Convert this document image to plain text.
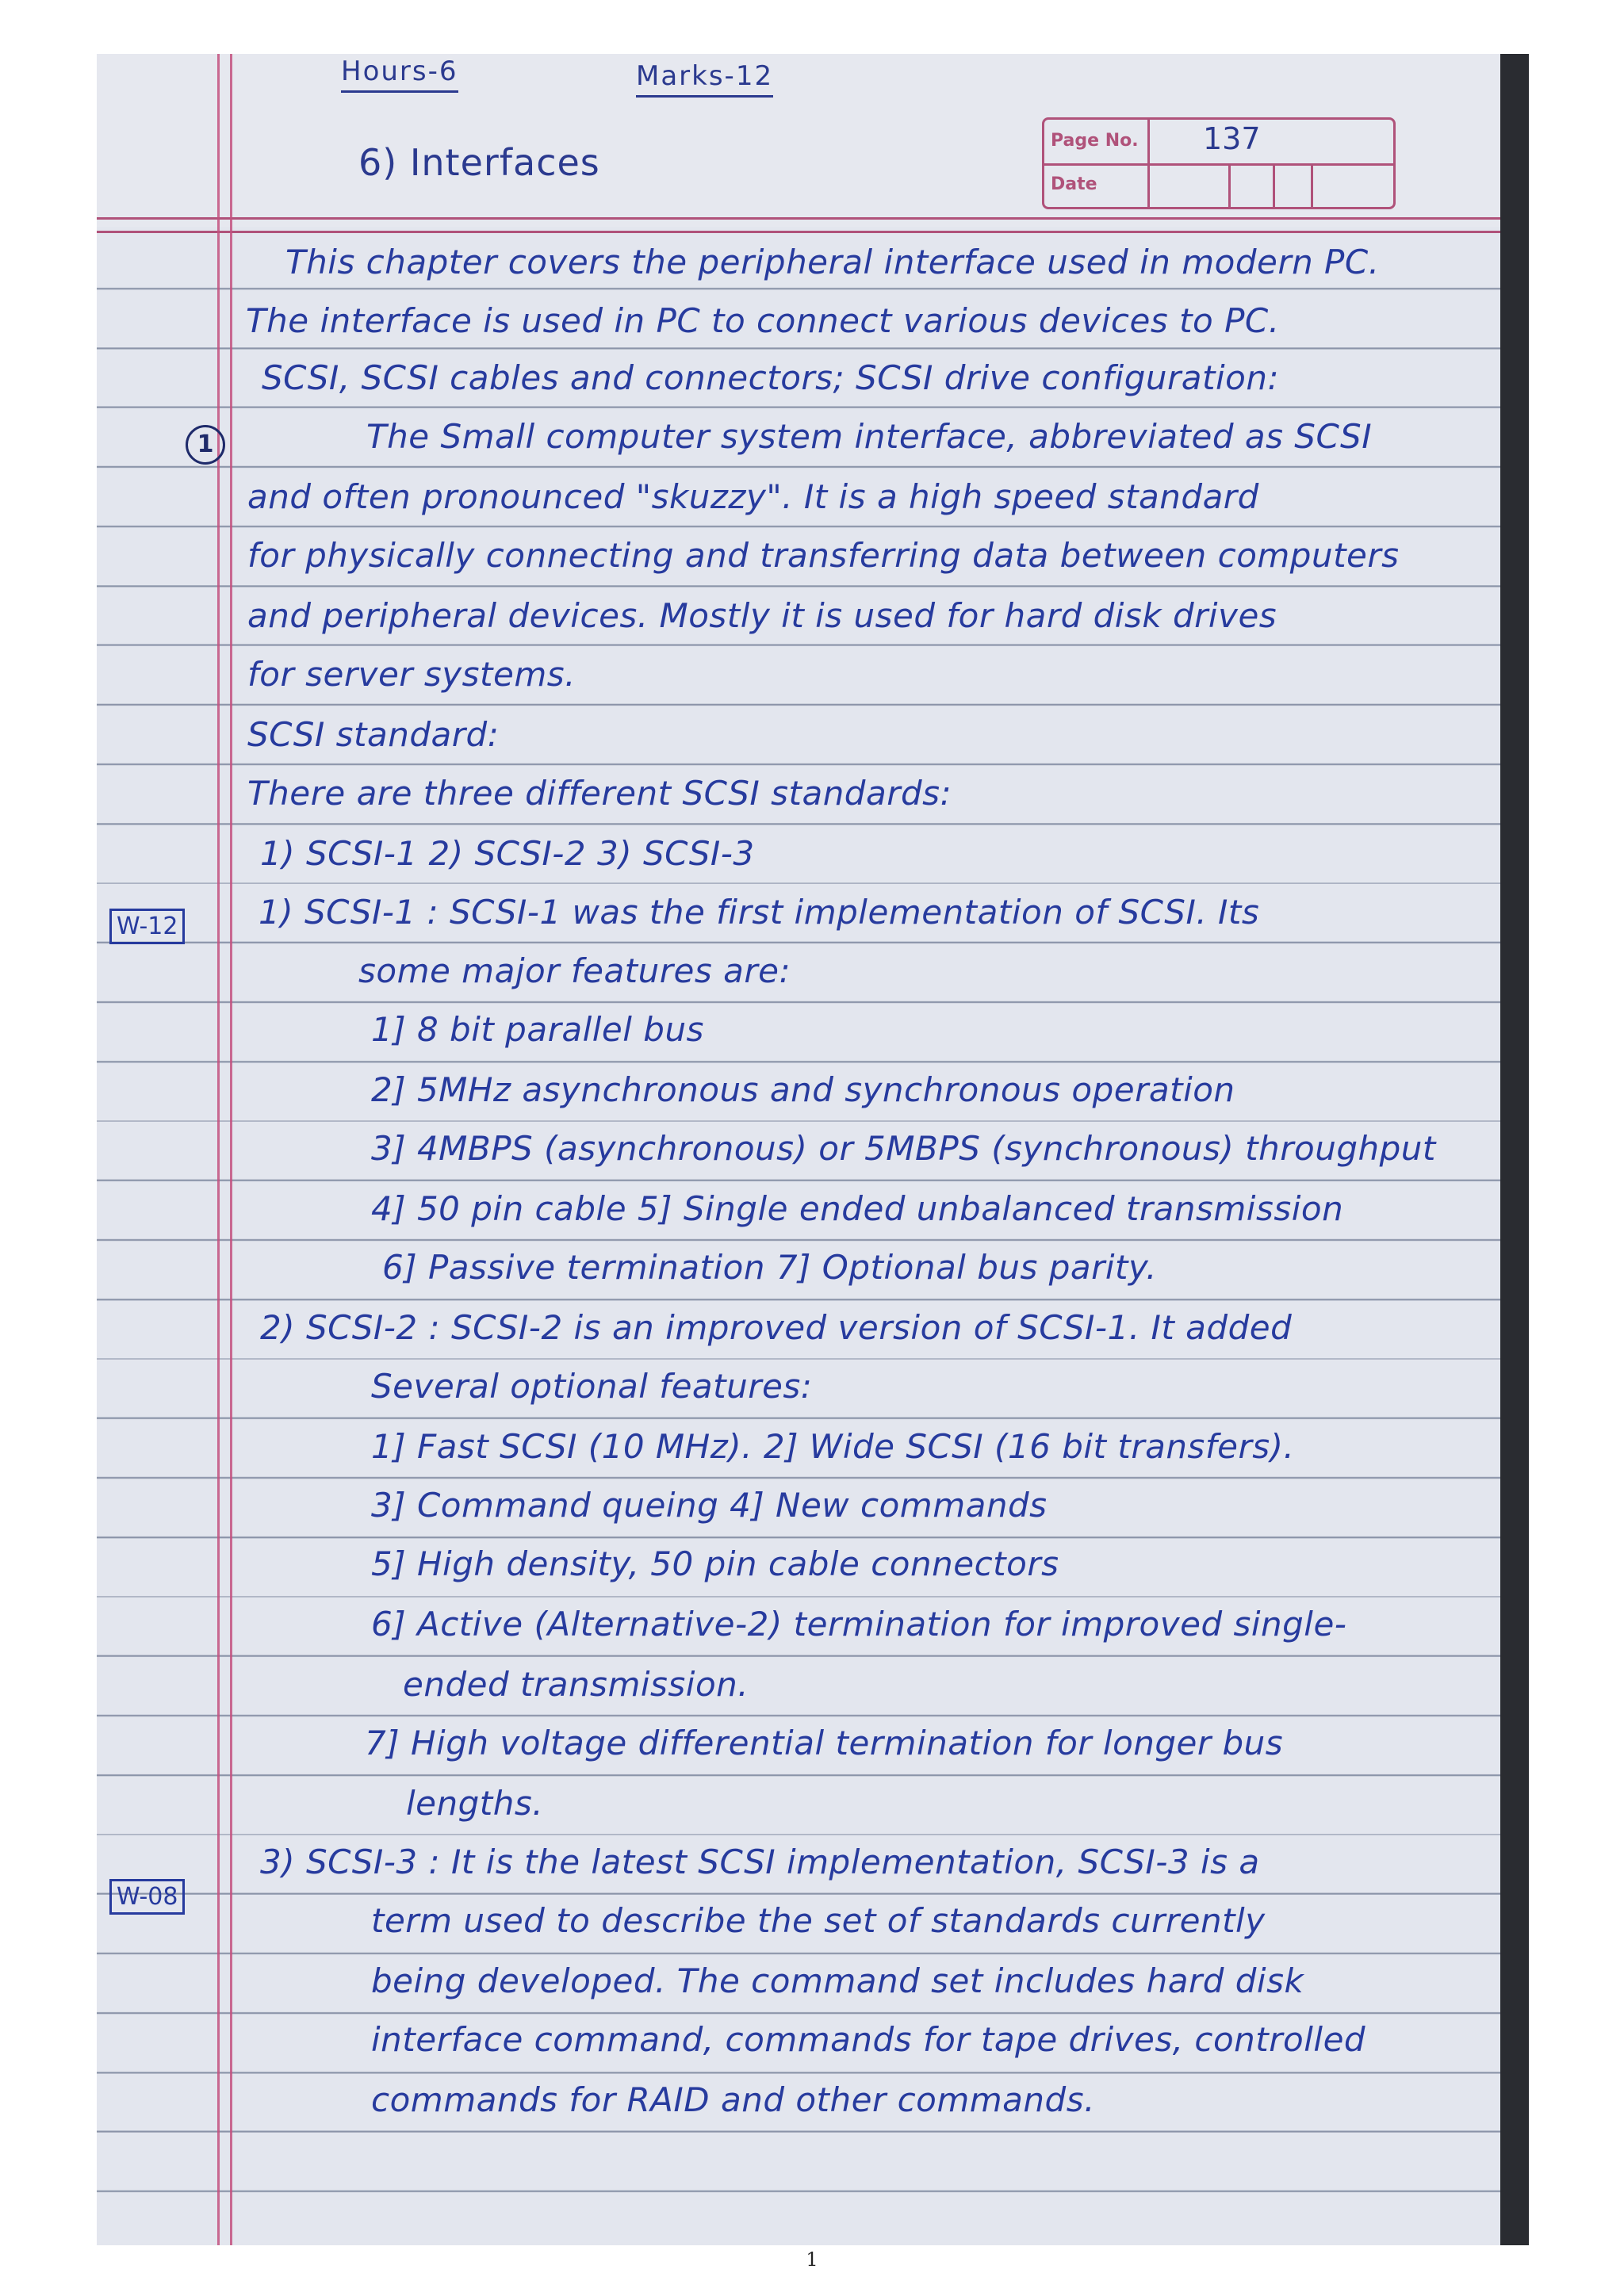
Hours-6	Marks-12
6) Interfaces
Page No. 137
Date
1
W-12
W-08
This chapter covers the peripheral interface used in modern PC.
The interface is used in PC to connect various devices to PC.
SCSI, SCSI cables and connectors; SCSI drive configuration:
The Small computer system interface, abbreviated as SCSI
and often pronounced "skuzzy". It is a high speed standard
for physically connecting and transferring data between computers
and peripheral devices. Mostly it is used for hard disk drives
for server systems.
SCSI standard:
There are three different SCSI standards:
1) SCSI-1 2) SCSI-2 3) SCSI-3
1) SCSI-1 : SCSI-1 was the first implementation of SCSI. Its
some major features are:
1] 8 bit parallel bus
2] 5MHz asynchronous and synchronous operation
3] 4MBPS (asynchronous) or 5MBPS (synchronous) throughput
4] 50 pin cable 5] Single ended unbalanced transmission
6] Passive termination 7] Optional bus parity.
2) SCSI-2 : SCSI-2 is an improved version of SCSI-1. It added
Several optional features:
1] Fast SCSI (10 MHz). 2] Wide SCSI (16 bit transfers).
3] Command queing 4] New commands
5] High density, 50 pin cable connectors
6] Active (Alternative-2) termination for improved single-
ended transmission.
7] High voltage differential termination for longer bus
lengths.
3) SCSI-3 : It is the latest SCSI implementation, SCSI-3 is a
term used to describe the set of standards currently
being developed. The command set includes hard disk
interface command, commands for tape drives, controlled
commands for RAID and other commands.
1
